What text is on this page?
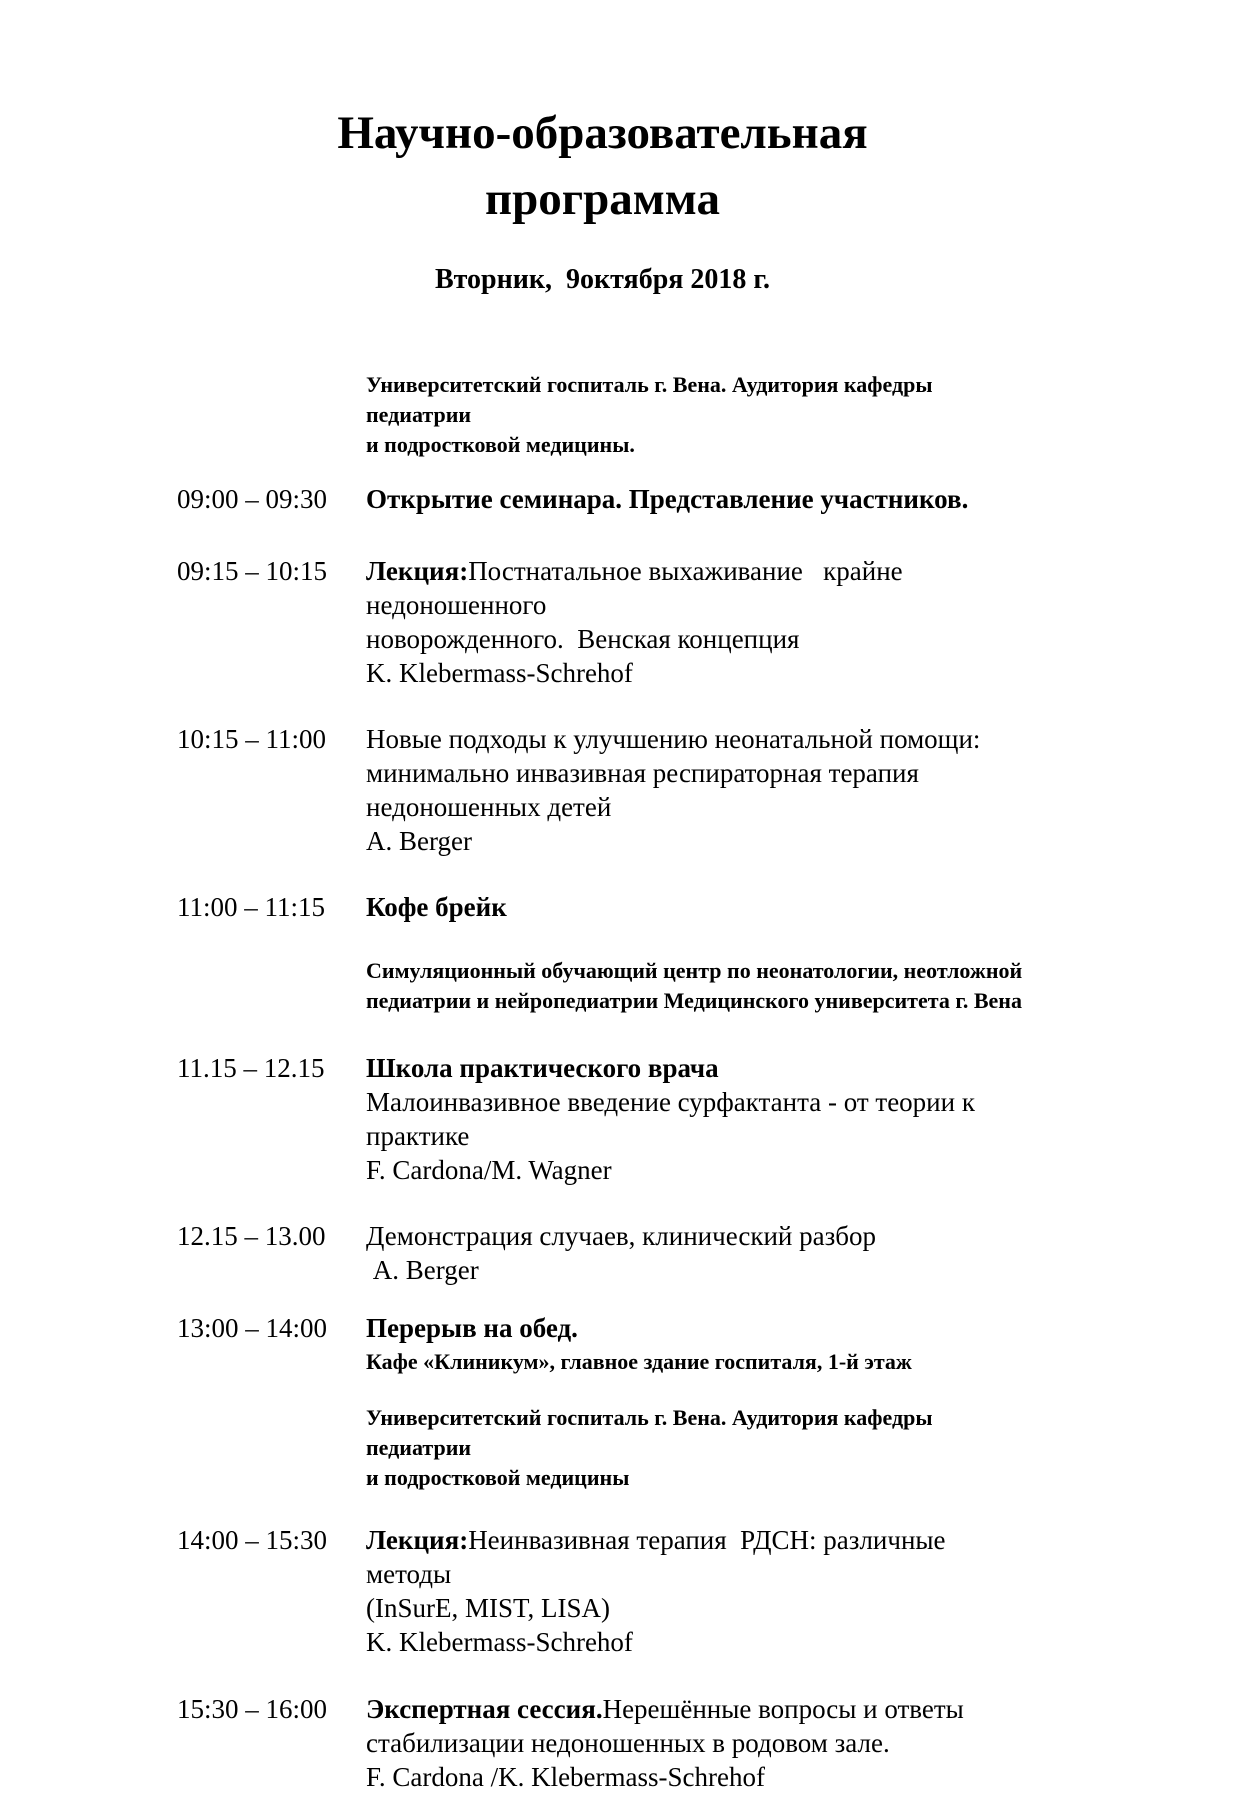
Научно-образовательная
программа
Вторник,  9октября 2018 г.
Университетский госпиталь г. Вена. Аудитория кафедры педиатрии
и подростковой медицины.
09:00 – 09:30	Открытие семинара. Представление участников.
09:15 – 10:15	Лекция:Постнатальное выхаживание   крайне недоношенного
новорожденного.  Венская концепция
K. Klebermass-Schrehof
10:15 – 11:00	Новые подходы к улучшению неонатальной помощи:
минимально инвазивная респираторная терапия
недоношенных детей
A. Berger
11:00 – 11:15	Кофе брейк
Симуляционный обучающий центр по неонатологии, неотложной
педиатрии и нейропедиатрии Медицинского университета г. Вена
11.15 – 12.15	Школа практического врача
Малоинвазивное введение сурфактанта - от теории к практике
F. Cardona/M. Wagner
12.15 – 13.00	Демонстрация случаев, клинический разбор
A. Berger
13:00 – 14:00	Перерыв на обед.
Кафе «Клиникум», главное здание госпиталя, 1-й этаж
Университетский госпиталь г. Вена. Аудитория кафедры педиатрии
и подростковой медицины
14:00 – 15:30	Лекция:Неинвазивная терапия  РДСН: различные методы
(InSurE, MIST, LISA)
K. Klebermass-Schrehof
15:30 – 16:00	Экспертная сессия.Нерешённые вопросы и ответы
стабилизации недоношенных в родовом зале.
F. Cardona /K. Klebermass-Schrehof
